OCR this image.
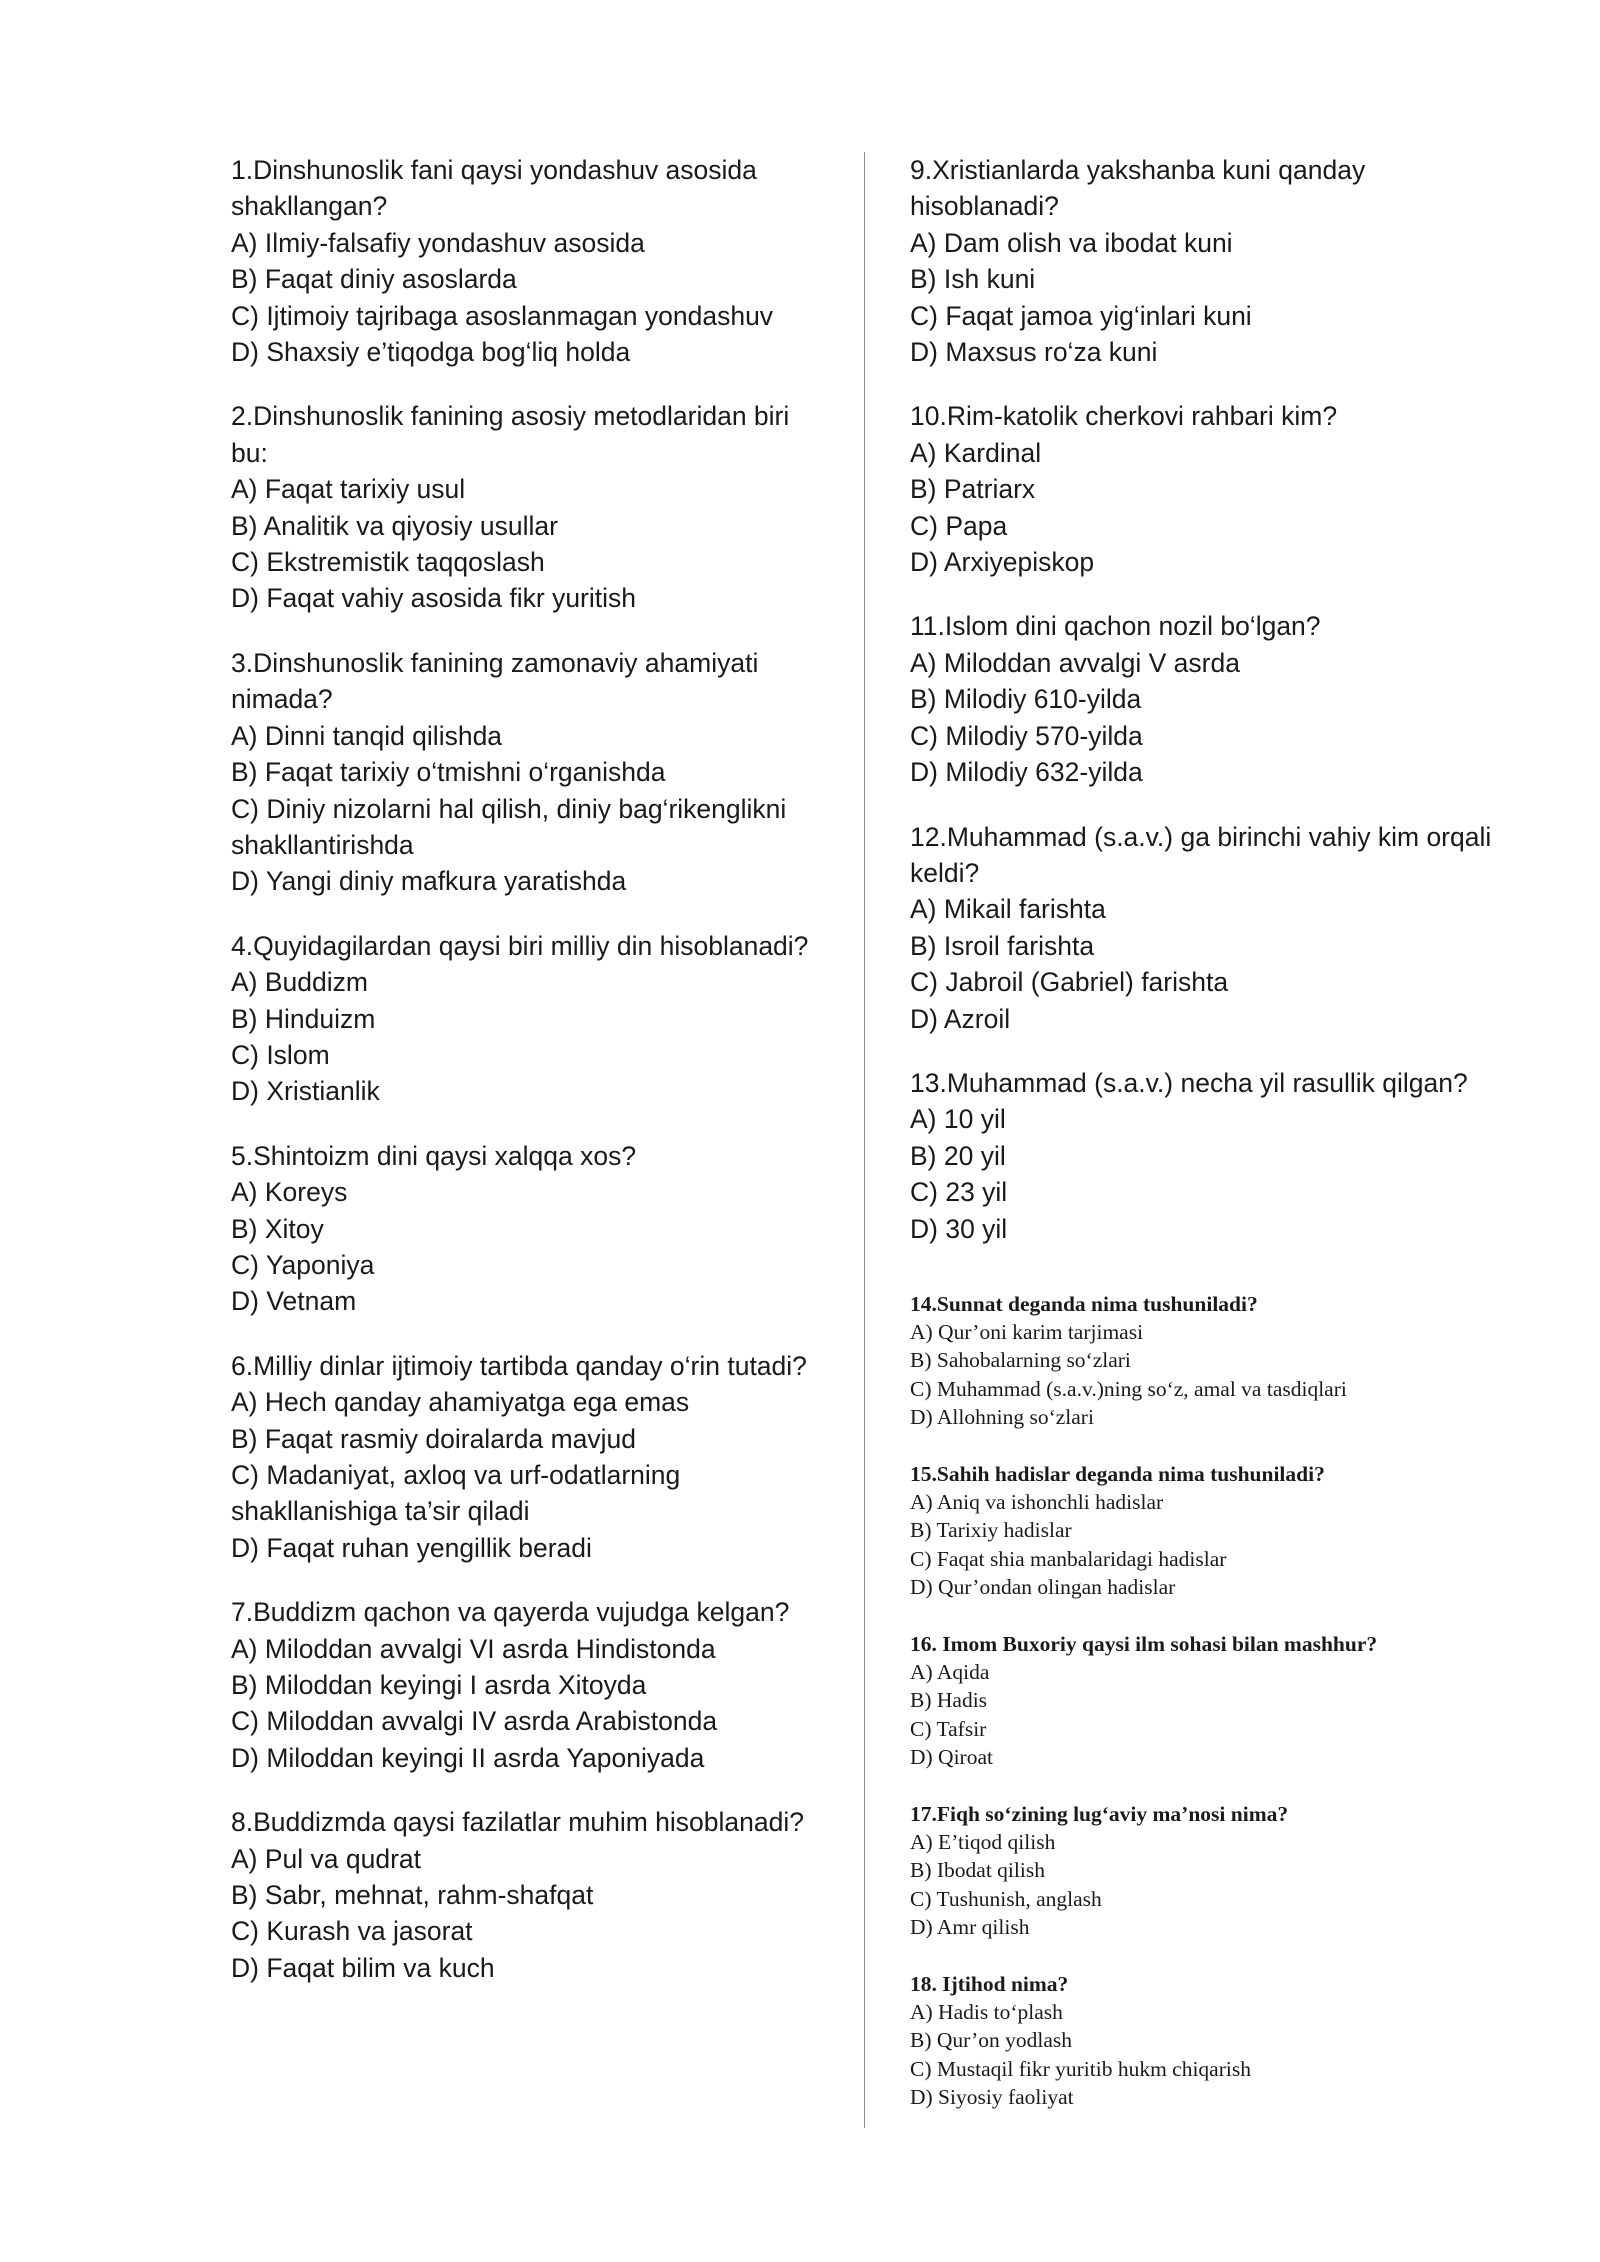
1.Dinshunoslik fani qaysi yondashuv asosida shakllangan?
A) Ilmiy-falsafiy yondashuv asosida
B) Faqat diniy asoslarda
C) Ijtimoiy tajribaga asoslanmagan yondashuv
D) Shaxsiy e’tiqodga bog‘liq holda
2.Dinshunoslik fanining asosiy metodlaridan biri bu:
A) Faqat tarixiy usul
B) Analitik va qiyosiy usullar
C) Ekstremistik taqqoslash
D) Faqat vahiy asosida fikr yuritish
3.Dinshunoslik fanining zamonaviy ahamiyati nimada?
A) Dinni tanqid qilishda
B) Faqat tarixiy o‘tmishni o‘rganishda
C) Diniy nizolarni hal qilish, diniy bag‘rikenglikni shakllantirishda
D) Yangi diniy mafkura yaratishda
4.Quyidagilardan qaysi biri milliy din hisoblanadi?
A) Buddizm
B) Hinduizm
C) Islom
D) Xristianlik
5.Shintoizm dini qaysi xalqqa xos?
A) Koreys
B) Xitoy
C) Yaponiya
D) Vetnam
6.Milliy dinlar ijtimoiy tartibda qanday o‘rin tutadi?
A) Hech qanday ahamiyatga ega emas
B) Faqat rasmiy doiralarda mavjud
C) Madaniyat, axloq va urf-odatlarning shakllanishiga ta’sir qiladi
D) Faqat ruhan yengillik beradi
7.Buddizm qachon va qayerda vujudga kelgan?
A) Miloddan avvalgi VI asrda Hindistonda
B) Miloddan keyingi I asrda Xitoyda
C) Miloddan avvalgi IV asrda Arabistonda
D) Miloddan keyingi II asrda Yaponiyada
8.Buddizmda qaysi fazilatlar muhim hisoblanadi?
A) Pul va qudrat
B) Sabr, mehnat, rahm-shafqat
C) Kurash va jasorat
D) Faqat bilim va kuch
9.Xristianlarda yakshanba kuni qanday hisoblanadi?
A) Dam olish va ibodat kuni
B) Ish kuni
C) Faqat jamoa yig‘inlari kuni
D) Maxsus ro‘za kuni
10.Rim-katolik cherkovi rahbari kim?
A) Kardinal
B) Patriarx
C) Papa
D) Arxiyepiskop
11.Islom dini qachon nozil bo‘lgan?
A) Miloddan avvalgi V asrda
B) Milodiy 610-yilda
C) Milodiy 570-yilda
D) Milodiy 632-yilda
12.Muhammad (s.a.v.) ga birinchi vahiy kim orqali keldi?
A) Mikail farishta
B) Isroil farishta
C) Jabroil (Gabriel) farishta
D) Azroil
13.Muhammad (s.a.v.) necha yil rasullik qilgan?
A) 10 yil
B) 20 yil
C) 23 yil
D) 30 yil
14.Sunnat deganda nima tushuniladi?
A) Qur’oni karim tarjimasi
B) Sahobalarning so‘zlari
C) Muhammad (s.a.v.)ning so‘z, amal va tasdiqlari
D) Allohning so‘zlari
15.Sahih hadislar deganda nima tushuniladi?
A) Aniq va ishonchli hadislar
B) Tarixiy hadislar
C) Faqat shia manbalaridagi hadislar
D) Qur’ondan olingan hadislar
16. Imom Buxoriy qaysi ilm sohasi bilan mashhur?
A) Aqida
B) Hadis
C) Tafsir
D) Qiroat
17.Fiqh so‘zining lug‘aviy ma’nosi nima?
A) E’tiqod qilish
B) Ibodat qilish
C) Tushunish, anglash
D) Amr qilish
18. Ijtihod nima?
A) Hadis to‘plash
B) Qur’on yodlash
C) Mustaqil fikr yuritib hukm chiqarish
D) Siyosiy faoliyat
